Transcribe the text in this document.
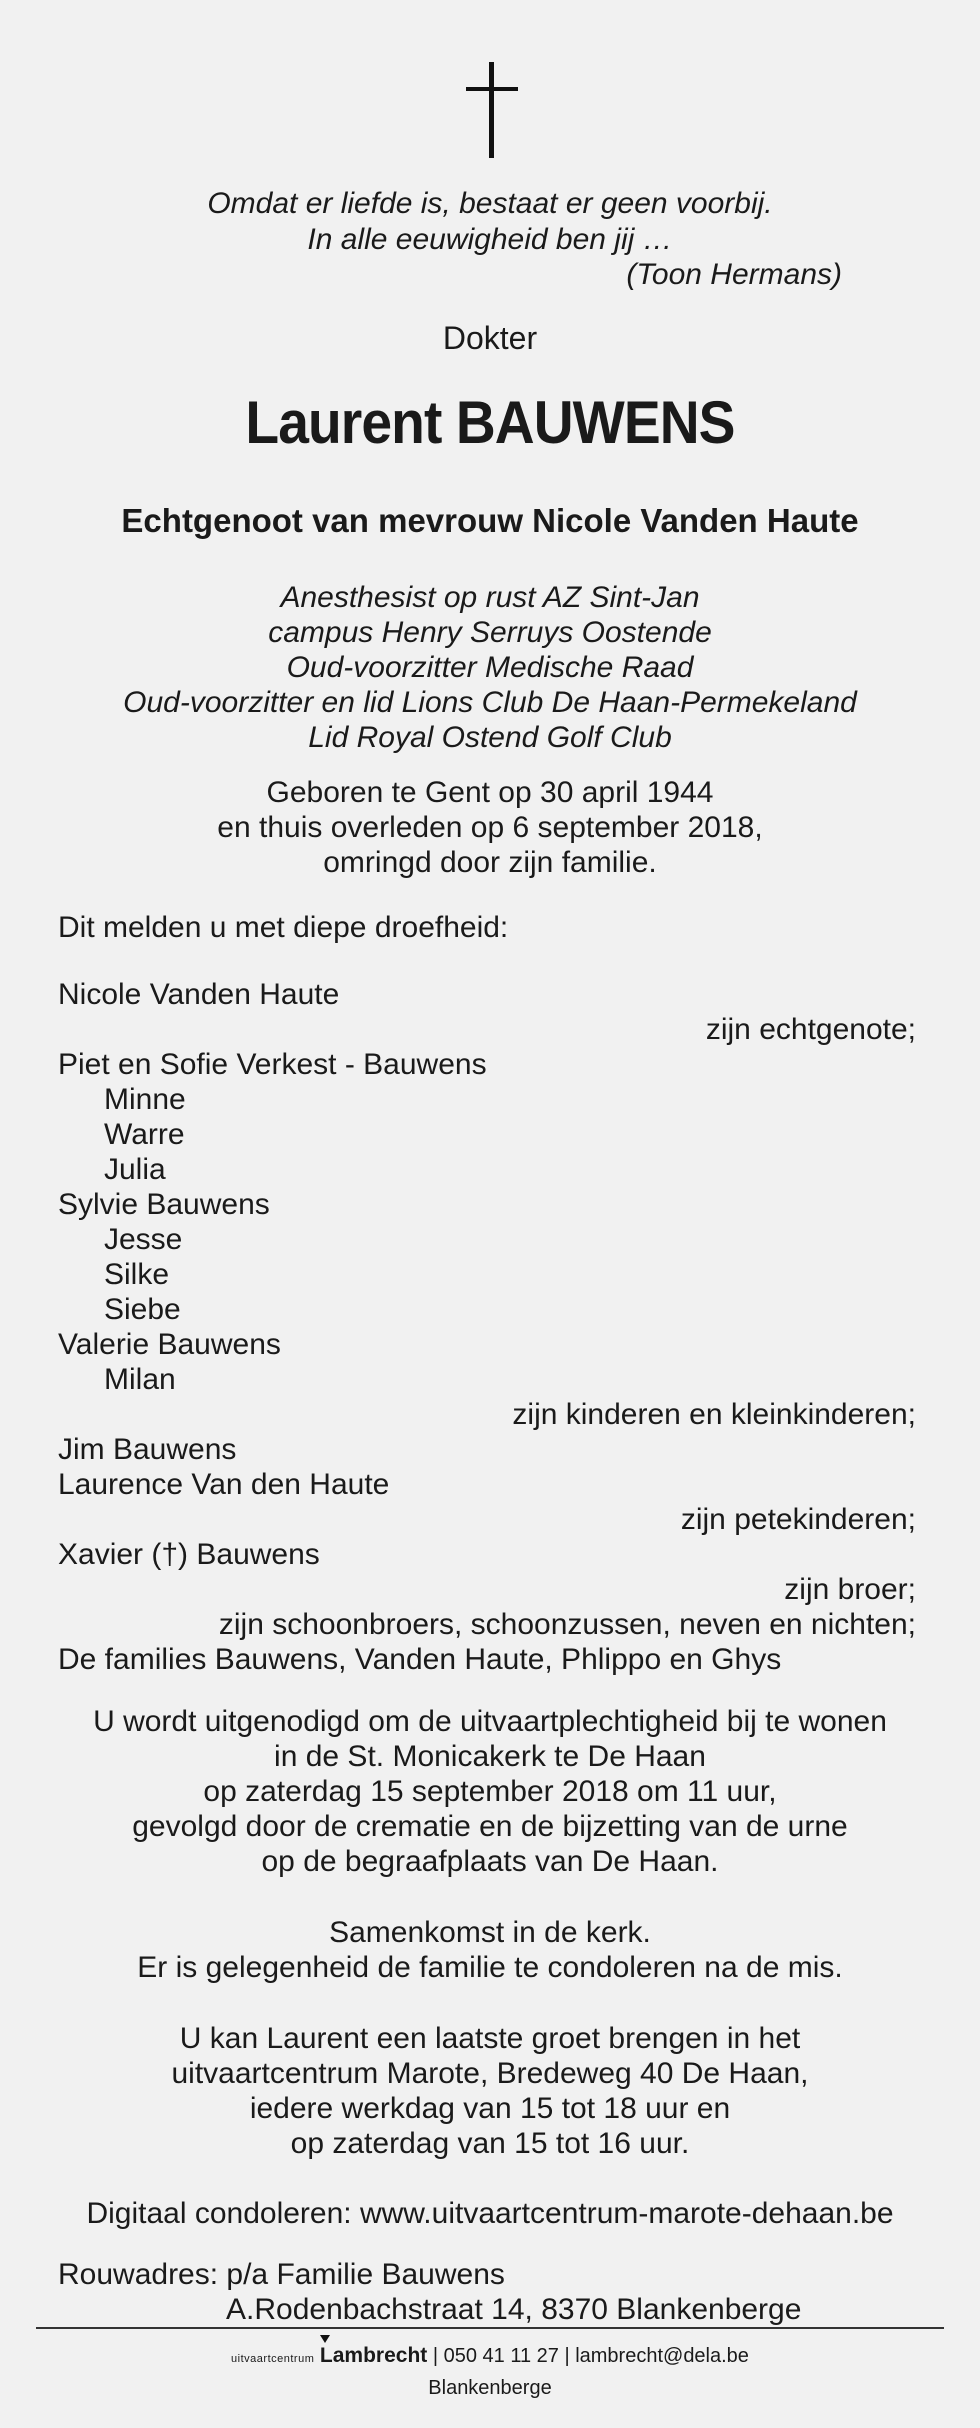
Omdat er liefde is, bestaat er geen voorbij.
In alle eeuwigheid ben jij …
(Toon Hermans)
Dokter
Laurent BAUWENS
Echtgenoot van mevrouw Nicole Vanden Haute
Anesthesist op rust AZ Sint-Jan
campus Henry Serruys Oostende
Oud-voorzitter Medische Raad
Oud-voorzitter en lid Lions Club De Haan-Permekeland
Lid Royal Ostend Golf Club
Geboren te Gent op 30 april 1944
en thuis overleden op 6 september 2018,
omringd door zijn familie.
Dit melden u met diepe droefheid:
Nicole Vanden Haute
zijn echtgenote;
Piet en Sofie Verkest - Bauwens
Minne
Warre
Julia
Sylvie Bauwens
Jesse
Silke
Siebe
Valerie Bauwens
Milan
zijn kinderen en kleinkinderen;
Jim Bauwens
Laurence Van den Haute
zijn petekinderen;
Xavier (†) Bauwens
zijn broer;
zijn schoonbroers, schoonzussen, neven en nichten;
De families Bauwens, Vanden Haute, Phlippo en Ghys
U wordt uitgenodigd om de uitvaartplechtigheid bij te wonen
in de St. Monicakerk te De Haan
op zaterdag 15 september 2018 om 11 uur,
gevolgd door de crematie en de bijzetting van de urne
op de begraafplaats van De Haan.
Samenkomst in de kerk.
Er is gelegenheid de familie te condoleren na de mis.
U kan Laurent een laatste groet brengen in het
uitvaartcentrum Marote, Bredeweg 40 De Haan,
iedere werkdag van 15 tot 18 uur en
op zaterdag van 15 tot 16 uur.
Digitaal condoleren: www.uitvaartcentrum-marote-dehaan.be
Rouwadres: p/a Familie Bauwens
A.Rodenbachstraat 14, 8370 Blankenberge
uitvaartcentrum Lambrecht | 050 41 11 27 | lambrecht@dela.be
Blankenberge
